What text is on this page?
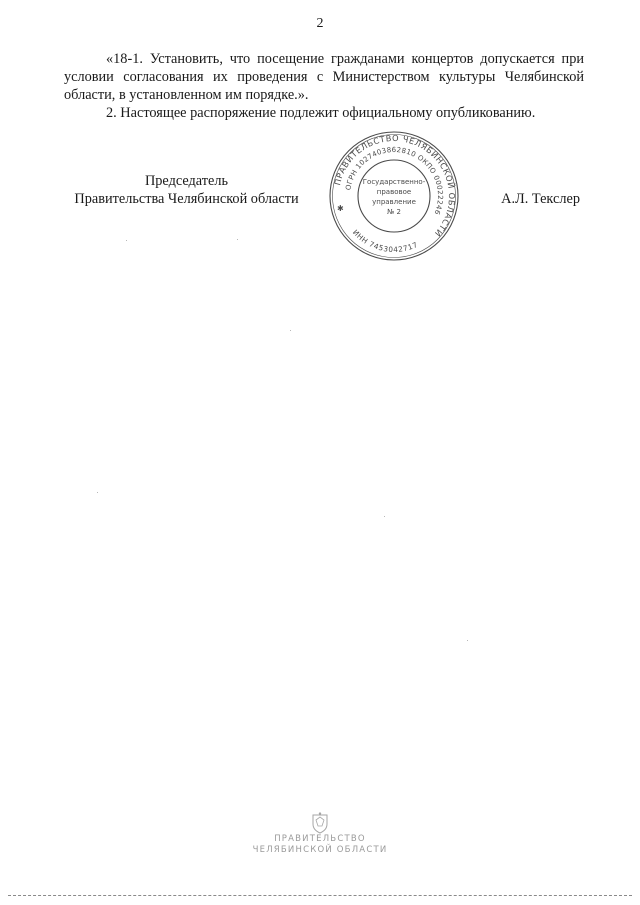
2

«18-1. Установить, что посещение гражданами концертов допускается при условии согласования их проведения с Министерством культуры Челябинской области, в установленном им порядке.».

2. Настоящее распоряжение подлежит официальному опубликованию.

Председатель
Правительства Челябинской области	А.Л. Текслер
ПРАВИТЕЛЬСТВО ЧЕЛЯБИНСКОЙ ОБЛАСТИ
ОГРН 1027403862810 ОКПО 00022246
ИНН 7453042717
Государственно-
правовое
управление
№ 2
✱
ПРАВИТЕЛЬСТВО
ЧЕЛЯБИНСКОЙ ОБЛАСТИ
